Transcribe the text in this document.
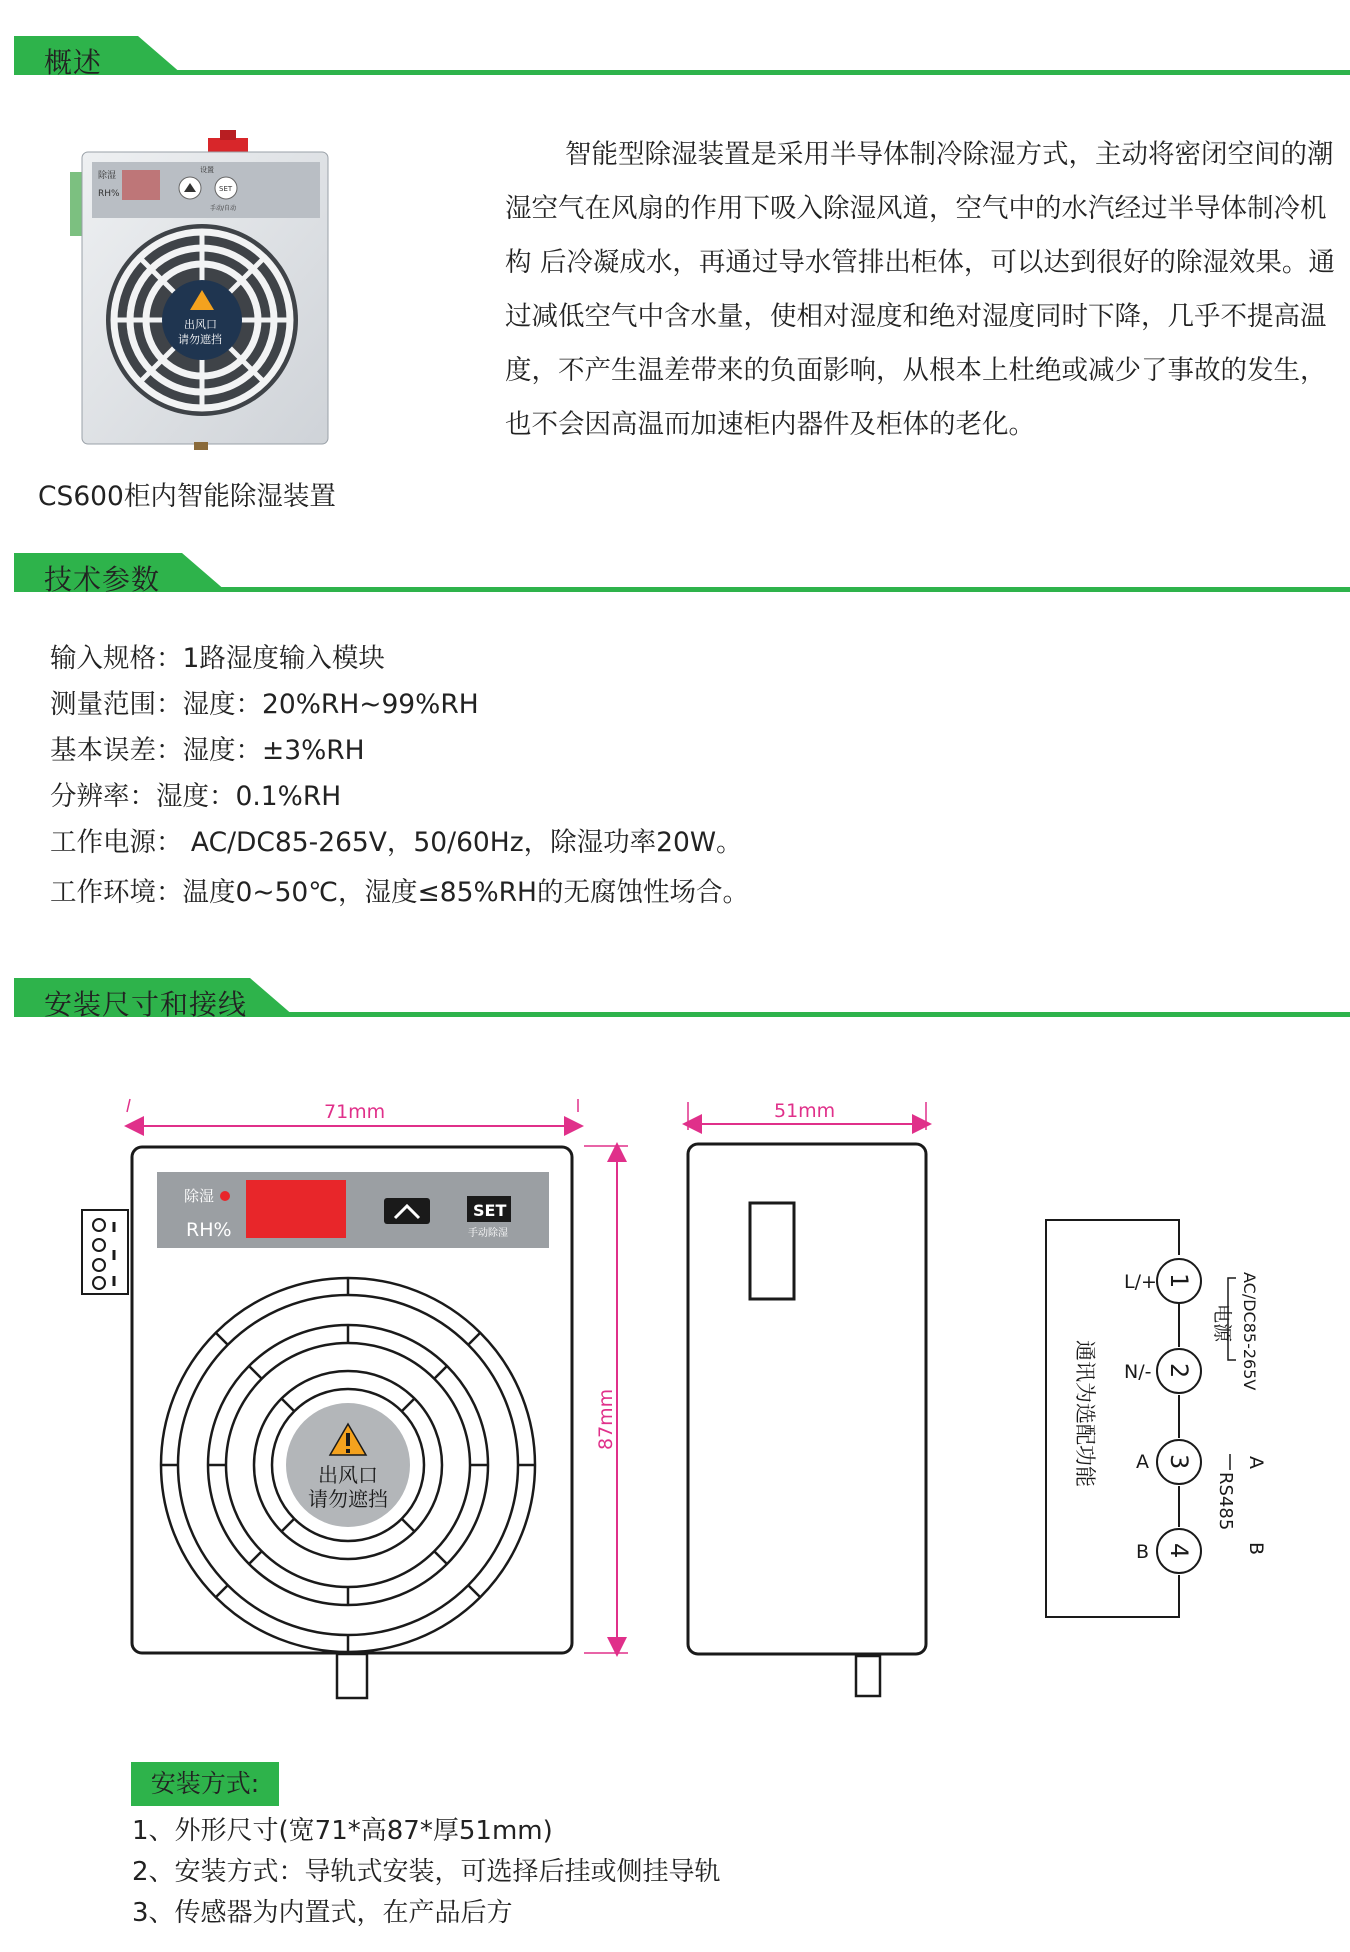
概述
除湿
RH%
设置
SET
手动/自动
出风口
请勿遮挡
CS600柜内智能除湿装置
智能型除湿装置是采用半导体制冷除湿方式，主动将密闭空间的潮湿空气在风扇的作用下吸入除湿风道，空气中的水汽经过半导体制冷机构 后冷凝成水，再通过导水管排出柜体，可以达到很好的除湿效果。通过减低空气中含水量，使相对湿度和绝对湿度同时下降，几乎不提高温度，不产生温差带来的负面影响，从根本上杜绝或减少了事故的发生，也不会因高温而加速柜内器件及柜体的老化。
技术参数
输入规格：1路湿度输入模块
测量范围：湿度：20%RH~99%RH
基本误差：湿度：±3%RH
分辨率：湿度：0.1%RH
工作电源： AC/DC85-265V，50/60Hz，除湿功率20W。
工作环境：温度0~50℃，湿度≤85%RH的无腐蚀性场合。
安装尺寸和接线
71mm
87mm
除湿
RH%
SET
手动除湿
出风口
请勿遮挡
51mm
1
2
3
4
L/+
N/-
A
B
AC/DC85-265V
电源
A
RS485
B
通讯为选配功能
安装方式:
1、外形尺寸(宽71*高87*厚51mm)
2、安装方式：导轨式安装，可选择后挂或侧挂导轨
3、传感器为内置式，在产品后方
